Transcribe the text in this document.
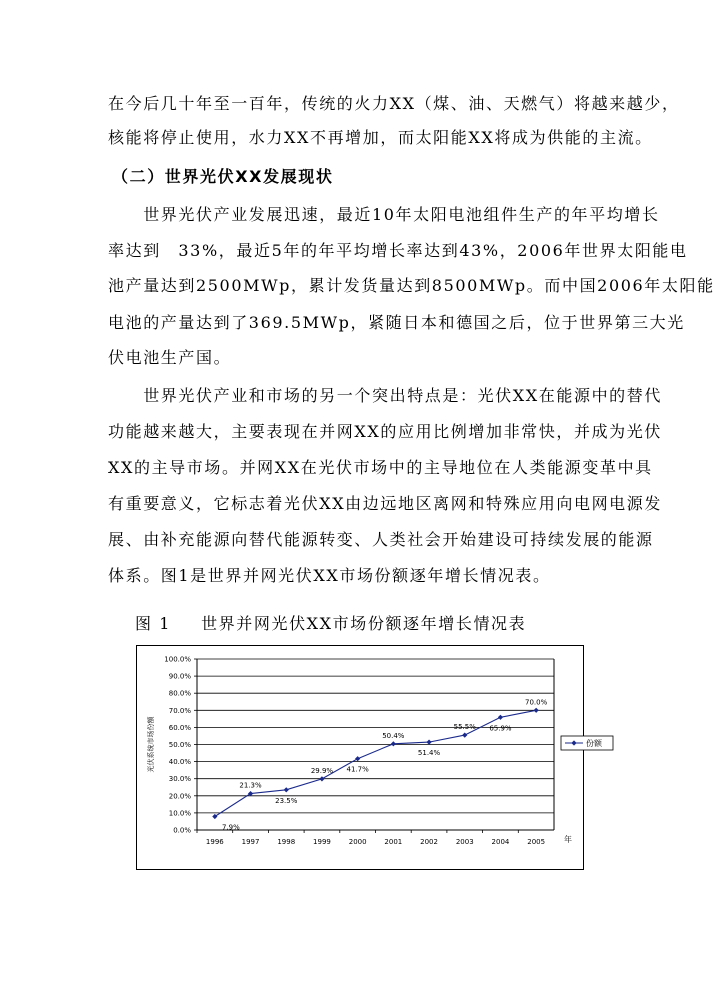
在今后几十年至一百年，传统的火力XX（煤、油、天燃气）将越来越少，
核能将停止使用，水力XX不再增加，而太阳能XX将成为供能的主流。
（二）世界光伏XX发展现状
　　世界光伏产业发展迅速，最近10年太阳电池组件生产的年平均增长
率达到　33%，最近5年的年平均增长率达到43%，2006年世界太阳能电
池产量达到2500MWp，累计发货量达到8500MWp。而中国2006年太阳能
电池的产量达到了369.5MWp，紧随日本和德国之后，位于世界第三大光
伏电池生产国。
　　世界光伏产业和市场的另一个突出特点是：光伏XX在能源中的替代
功能越来越大，主要表现在并网XX的应用比例增加非常快，并成为光伏
XX的主导市场。并网XX在光伏市场中的主导地位在人类能源变革中具
有重要意义，它标志着光伏XX由边远地区离网和特殊应用向电网电源发
展、由补充能源向替代能源转变、人类社会开始建设可持续发展的能源
体系。图1是世界并网光伏XX市场份额逐年增长情况表。
图 1 世界并网光伏XX市场份额逐年增长情况表
0.0%
10.0%
20.0%
30.0%
40.0%
50.0%
60.0%
70.0%
80.0%
90.0%
100.0%
1996	1997	1998	1999	2000	2001	2002	2003	2004	2005 年
光伏系统市场份额
7.9%
21.3%
23.5%
29.9% 41.7%
50.4%
51.4%
55.5% 65.9%
70.0%
份额
